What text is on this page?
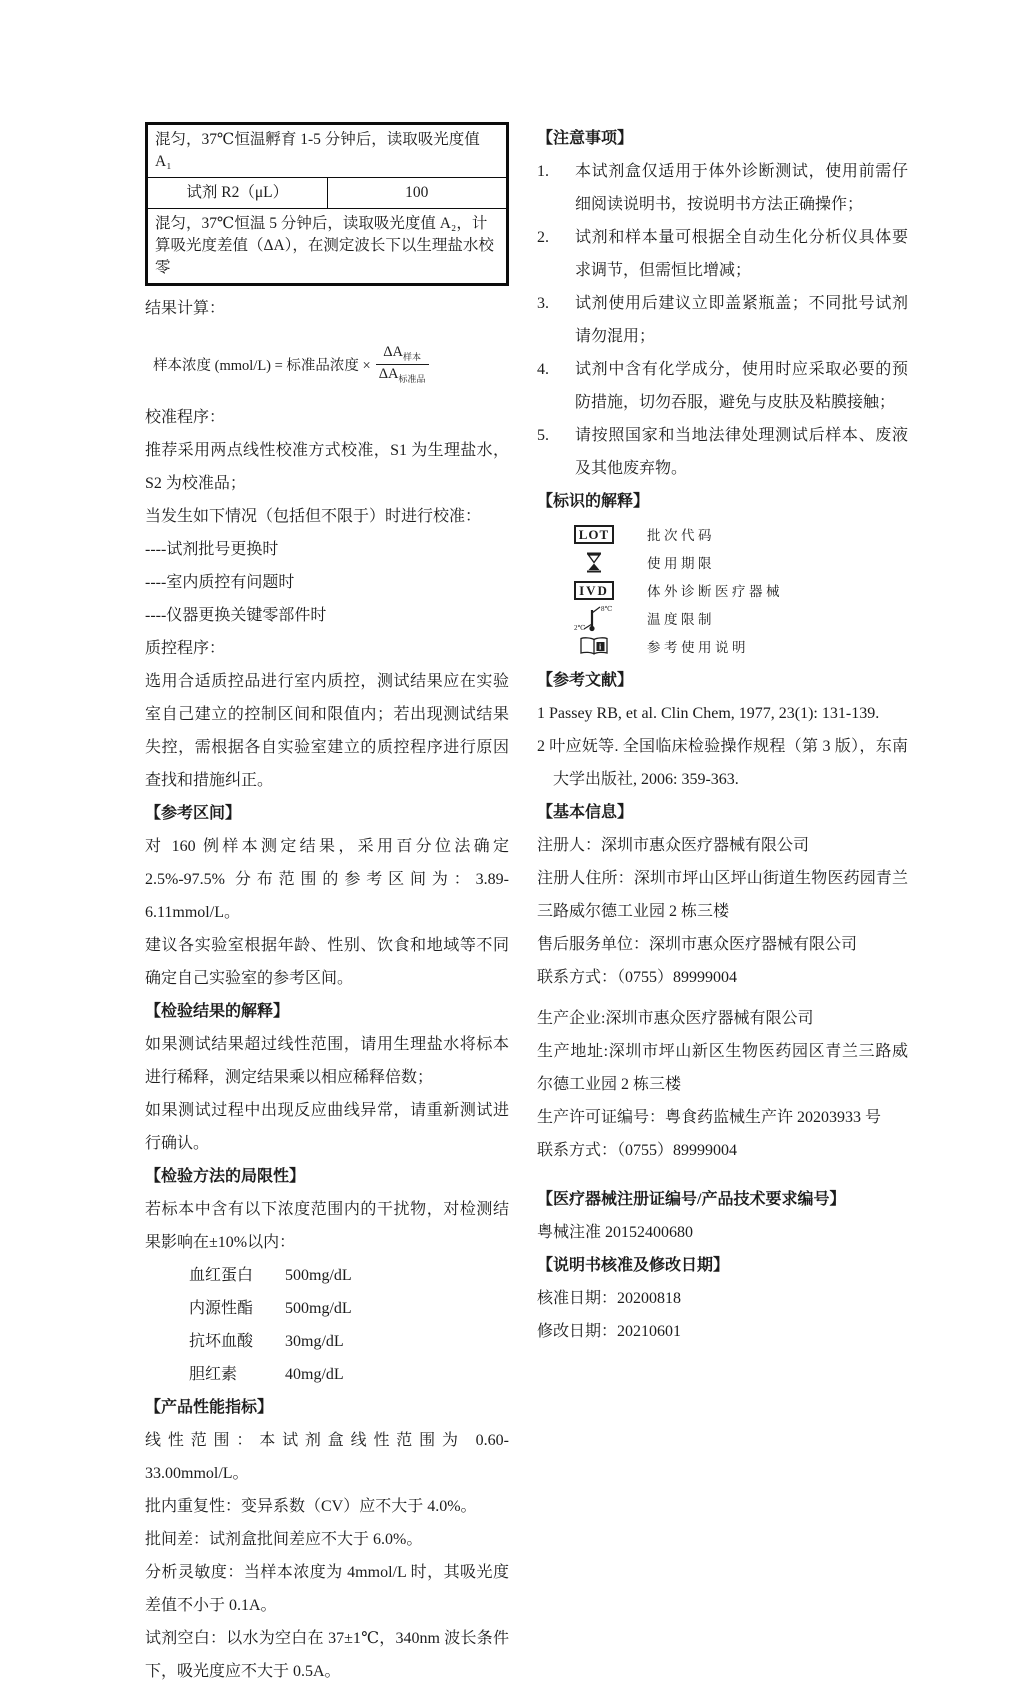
混匀，37℃恒温孵育 1-5 分钟后，读取吸光度值 A₁
试剂 R2（μL）	100
混匀，37℃恒温 5 分钟后，读取吸光度值 A₂，计算吸光度差值（ΔA），在测定波长下以生理盐水校零

结果计算：

样本浓度 (mmol/L) = 标准品浓度 × $\frac{\Delta A_{样本}}{\Delta A_{标准品}}$

校准程序：

推荐采用两点线性校准方式校准，S1 为生理盐水，S2 为校准品；

当发生如下情况（包括但不限于）时进行校准：

----试剂批号更换时

----室内质控有问题时

----仪器更换关键零部件时

质控程序：

选用合适质控品进行室内质控，测试结果应在实验室自己建立的控制区间和限值内；若出现测试结果失控，需根据各自实验室建立的质控程序进行原因查找和措施纠正。

【参考区间】

对 160 例样本测定结果，采用百分位法确定 2.5%-97.5% 分布范围的参考区间为：3.89-6.11mmol/L。

建议各实验室根据年龄、性别、饮食和地域等不同确定自己实验室的参考区间。

【检验结果的解释】

如果测试结果超过线性范围，请用生理盐水将标本进行稀释，测定结果乘以相应稀释倍数；

如果测试过程中出现反应曲线异常，请重新测试进行确认。

【检验方法的局限性】

若标本中含有以下浓度范围内的干扰物，对检测结果影响在±10%以内：

血红蛋白 500mg/dL
内源性酯 500mg/dL
抗坏血酸 30mg/dL
胆红素	40mg/dL
【产品性能指标】

线性范围：本试剂盒线性范围为 0.60-33.00mmol/L。

批内重复性：变异系数（CV）应不大于 4.0%。

批间差：试剂盒批间差应不大于 6.0%。

分析灵敏度：当样本浓度为 4mmol/L 时，其吸光度差值不小于 0.1A。

试剂空白：以水为空白在 37±1℃，340nm 波长条件下，吸光度应不大于 0.5A。

【注意事项】
1.	本试剂盒仅适用于体外诊断测试，使用前需仔细阅读说明书，按说明书方法正确操作；
2.	试剂和样本量可根据全自动生化分析仪具体要求调节，但需恒比增减；
3.	试剂使用后建议立即盖紧瓶盖；不同批号试剂请勿混用；
4.	试剂中含有化学成分，使用时应采取必要的预防措施，切勿吞服，避免与皮肤及粘膜接触；
5.	请按照国家和当地法律处理测试后样本、废液及其他废弃物。
【标识的解释】
LOT	批次代码
使用期限
IVD	体外诊断医疗器械
8℃
2℃
温度限制
i	参考使用说明
【参考文献】

1 Passey RB, et al. Clin Chem, 1977, 23(1): 131-139.

2 叶应妩等. 全国临床检验操作规程（第 3 版），东南大学出版社, 2006: 359-363.

【基本信息】

注册人：深圳市惠众医疗器械有限公司

注册人住所：深圳市坪山区坪山街道生物医药园青兰三路威尔德工业园 2 栋三楼

售后服务单位：深圳市惠众医疗器械有限公司

联系方式：（0755）89999004

生产企业:深圳市惠众医疗器械有限公司

生产地址:深圳市坪山新区生物医药园区青兰三路威尔德工业园 2 栋三楼

生产许可证编号：粤食药监械生产许 20203933 号

联系方式：（0755）89999004

【医疗器械注册证编号/产品技术要求编号】

粤械注准 20152400680

【说明书核准及修改日期】

核准日期：20200818

修改日期：20210601
